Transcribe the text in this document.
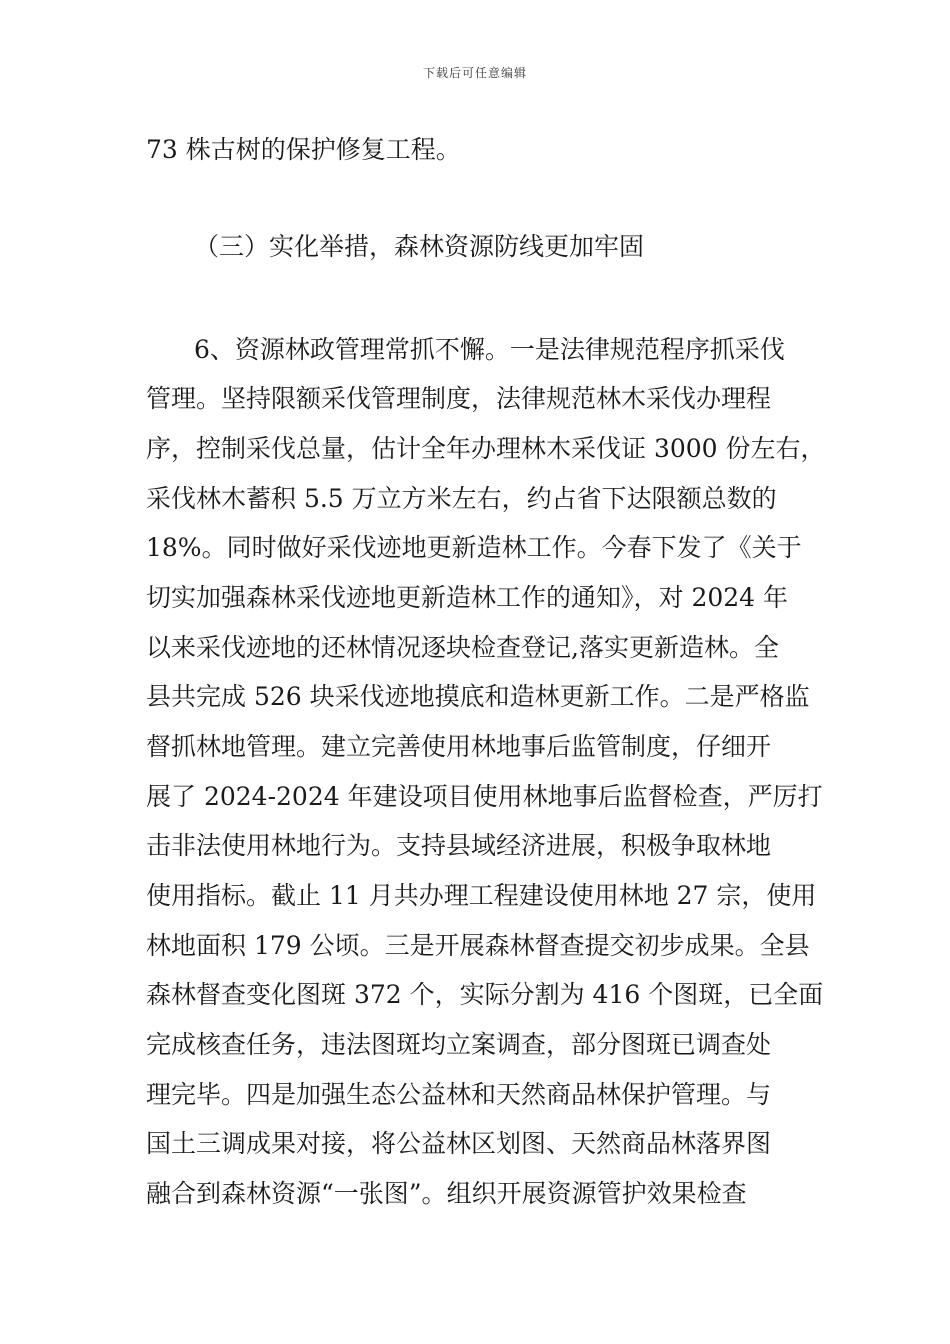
下载后可任意编辑
73 株古树的保护修复工程。
（三）实化举措，森林资源防线更加牢固
6、资源林政管理常抓不懈。一是法律规范程序抓采伐
管理。坚持限额采伐管理制度，法律规范林木采伐办理程
序，控制采伐总量，估计全年办理林木采伐证 3000 份左右，
采伐林木蓄积 5.5 万立方米左右，约占省下达限额总数的
18%。同时做好采伐迹地更新造林工作。今春下发了《关于
切实加强森林采伐迹地更新造林工作的通知》，对 2024 年
以来采伐迹地的还林情况逐块检查登记,落实更新造林。全
县共完成 526 块采伐迹地摸底和造林更新工作。二是严格监
督抓林地管理。建立完善使用林地事后监管制度，仔细开
展了 2024-2024 年建设项目使用林地事后监督检查，严厉打
击非法使用林地行为。支持县域经济进展，积极争取林地
使用指标。截止 11 月共办理工程建设使用林地 27 宗，使用
林地面积 179 公顷。三是开展森林督查提交初步成果。全县
森林督查变化图斑 372 个，实际分割为 416 个图斑，已全面
完成核查任务，违法图斑均立案调查，部分图斑已调查处
理完毕。四是加强生态公益林和天然商品林保护管理。与
国土三调成果对接，将公益林区划图、天然商品林落界图
融合到森林资源“一张图”。组织开展资源管护效果检查
